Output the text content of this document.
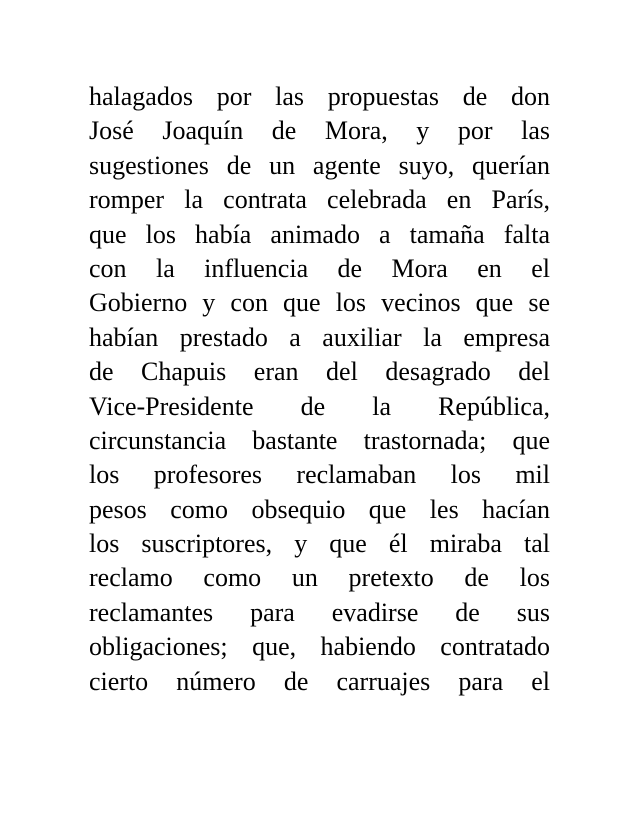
halagados por las propuestas de don
José Joaquín de Mora, y por las
sugestiones de un agente suyo, querían
romper la contrata celebrada en París,
que los había animado a tamaña falta
con la influencia de Mora en el
Gobierno y con que los vecinos que se
habían prestado a auxiliar la empresa
de Chapuis eran del desagrado del
Vice-Presidente de la República,
circunstancia bastante trastornada; que
los profesores reclamaban los mil
pesos como obsequio que les hacían
los suscriptores, y que él miraba tal
reclamo como un pretexto de los
reclamantes para evadirse de sus
obligaciones; que, habiendo contratado
cierto número de carruajes para el
